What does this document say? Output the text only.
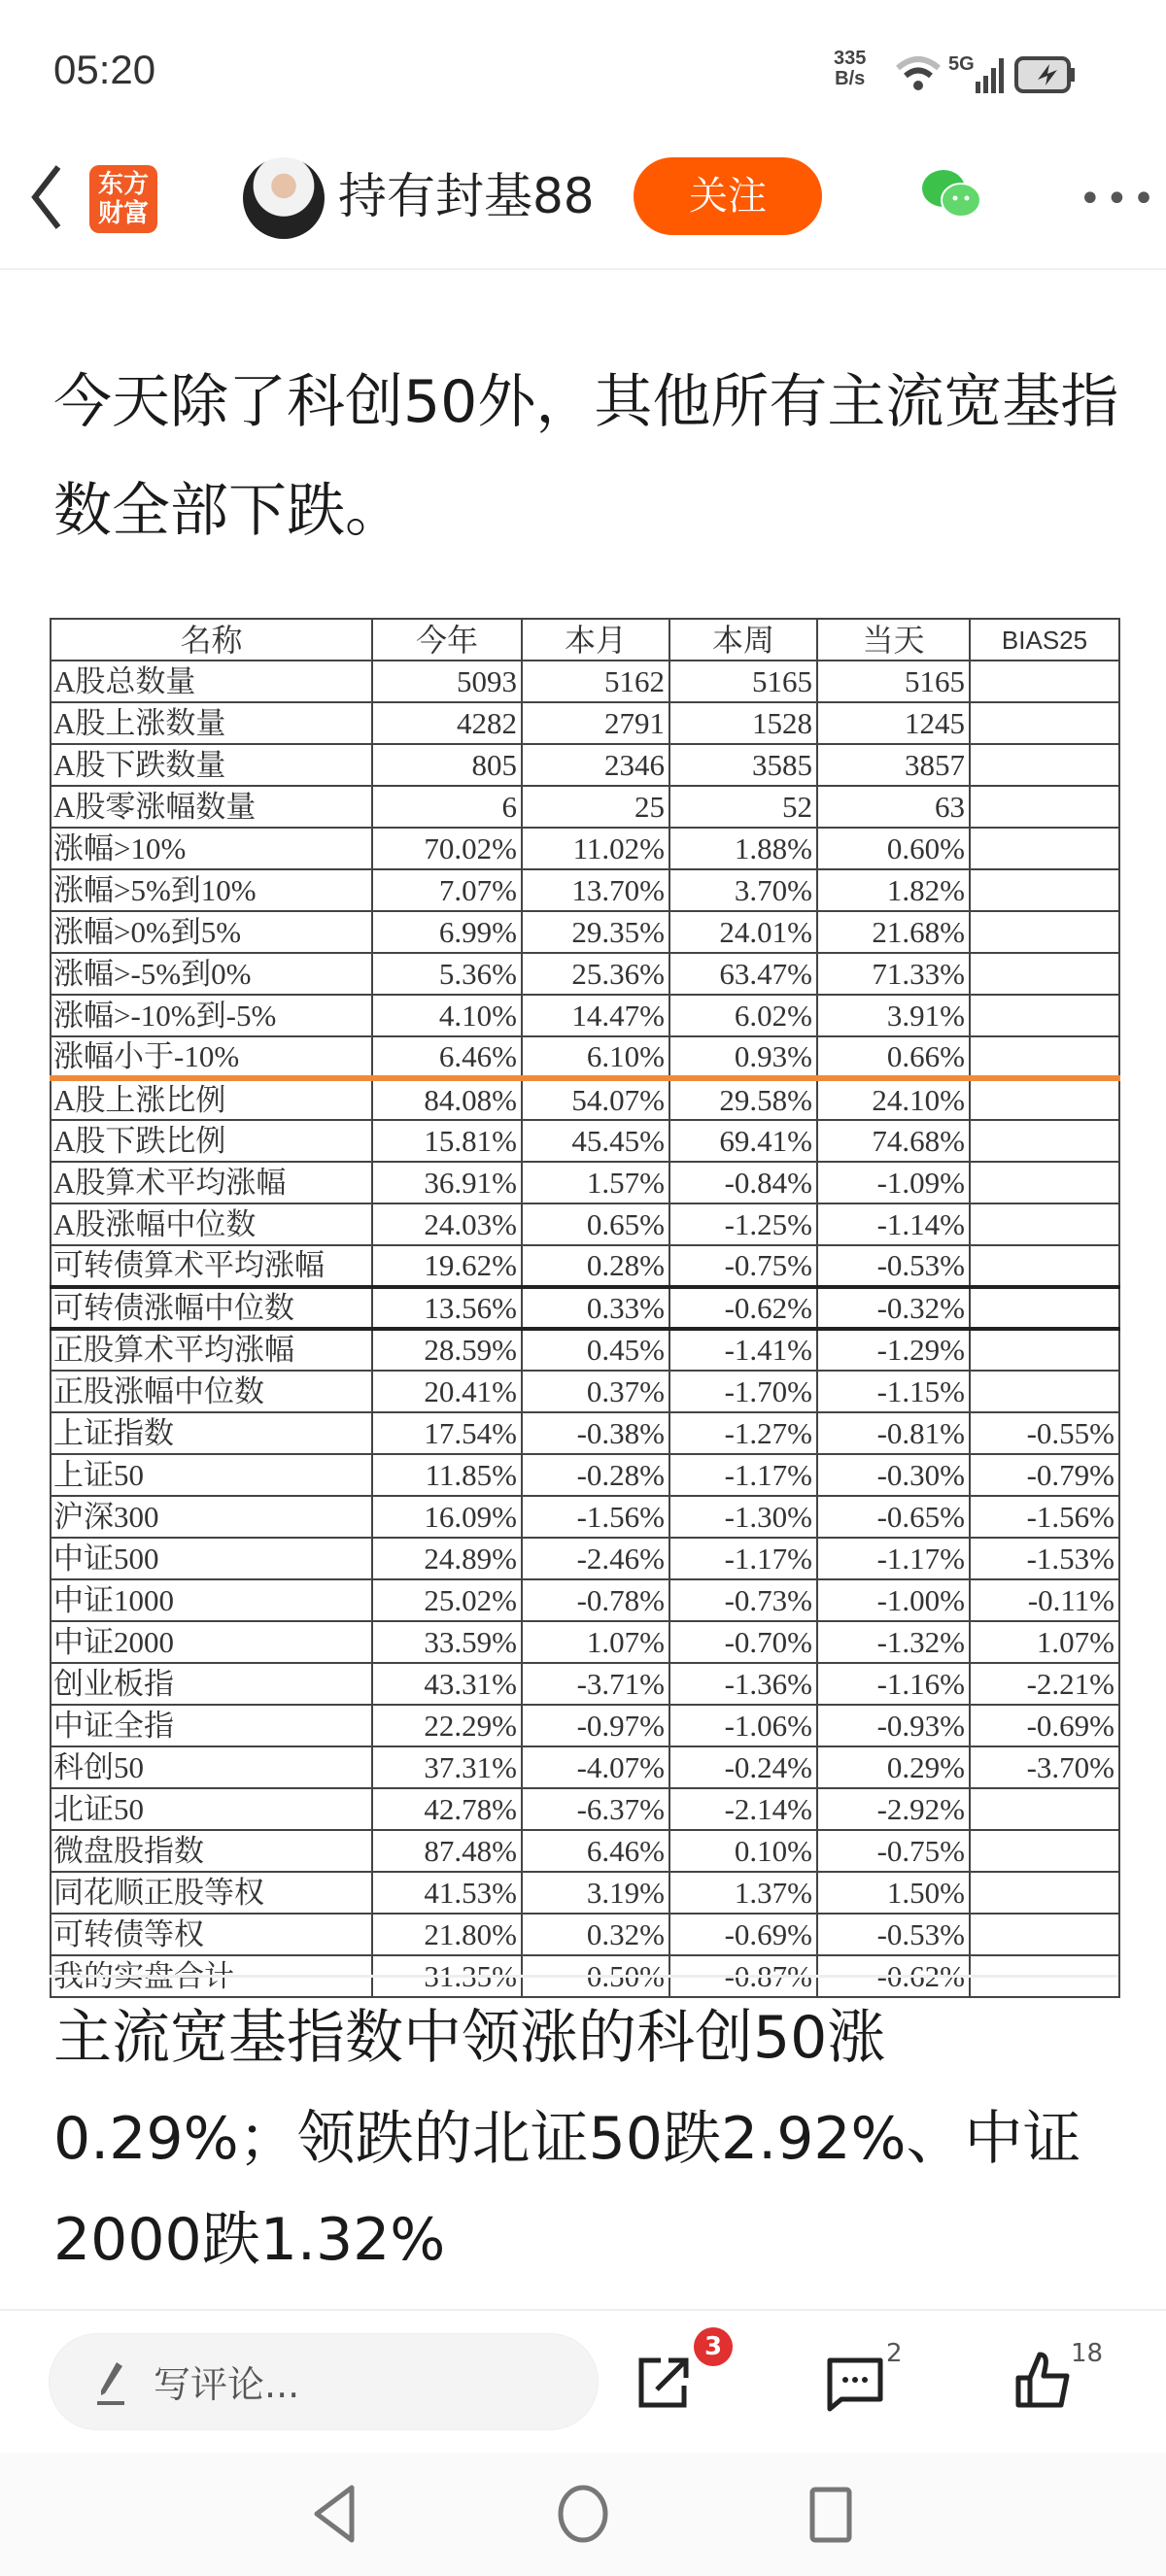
05:20	335
B/s
5G
东方
财富	持有封基88	关注	•••
今天除了科创50外，其他所有主流宽基指数全部下跌。
名称	今年	本月	本周	当天	BIAS25
A股总数量	5093	5162	5165	5165	
A股上涨数量	4282	2791	1528	1245	
A股下跌数量	805	2346	3585	3857	
A股零涨幅数量	6	25	52	63	
涨幅>10%	70.02%	11.02%	1.88%	0.60%	
涨幅>5%到10%	7.07%	13.70%	3.70%	1.82%	
涨幅>0%到5%	6.99%	29.35%	24.01%	21.68%	
涨幅>-5%到0%	5.36%	25.36%	63.47%	71.33%	
涨幅>-10%到-5%	4.10%	14.47%	6.02%	3.91%	
涨幅小于-10%	6.46%	6.10%	0.93%	0.66%	
A股上涨比例	84.08%	54.07%	29.58%	24.10%	
A股下跌比例	15.81%	45.45%	69.41%	74.68%	
A股算术平均涨幅	36.91%	1.57%	-0.84%	-1.09%	
A股涨幅中位数	24.03%	0.65%	-1.25%	-1.14%	
可转债算术平均涨幅	19.62%	0.28%	-0.75%	-0.53%	
可转债涨幅中位数	13.56%	0.33%	-0.62%	-0.32%	
正股算术平均涨幅	28.59%	0.45%	-1.41%	-1.29%	
正股涨幅中位数	20.41%	0.37%	-1.70%	-1.15%	
上证指数	17.54%	-0.38%	-1.27%	-0.81%	-0.55%
上证50	11.85%	-0.28%	-1.17%	-0.30%	-0.79%
沪深300	16.09%	-1.56%	-1.30%	-0.65%	-1.56%
中证500	24.89%	-2.46%	-1.17%	-1.17%	-1.53%
中证1000	25.02%	-0.78%	-0.73%	-1.00%	-0.11%
中证2000	33.59%	1.07%	-0.70%	-1.32%	1.07%
创业板指	43.31%	-3.71%	-1.36%	-1.16%	-2.21%
中证全指	22.29%	-0.97%	-1.06%	-0.93%	-0.69%
科创50	37.31%	-4.07%	-0.24%	0.29%	-3.70%
北证50	42.78%	-6.37%	-2.14%	-2.92%	
微盘股指数	87.48%	6.46%	0.10%	-0.75%	
同花顺正股等权	41.53%	3.19%	1.37%	1.50%	
可转债等权	21.80%	0.32%	-0.69%	-0.53%	
我的实盘合计	31.35%	0.50%	-0.87%	-0.62%	
主流宽基指数中领涨的科创50涨0.29%；领跌的北证50跌2.92%、中证2000跌1.32%
写评论...
3	2	18
